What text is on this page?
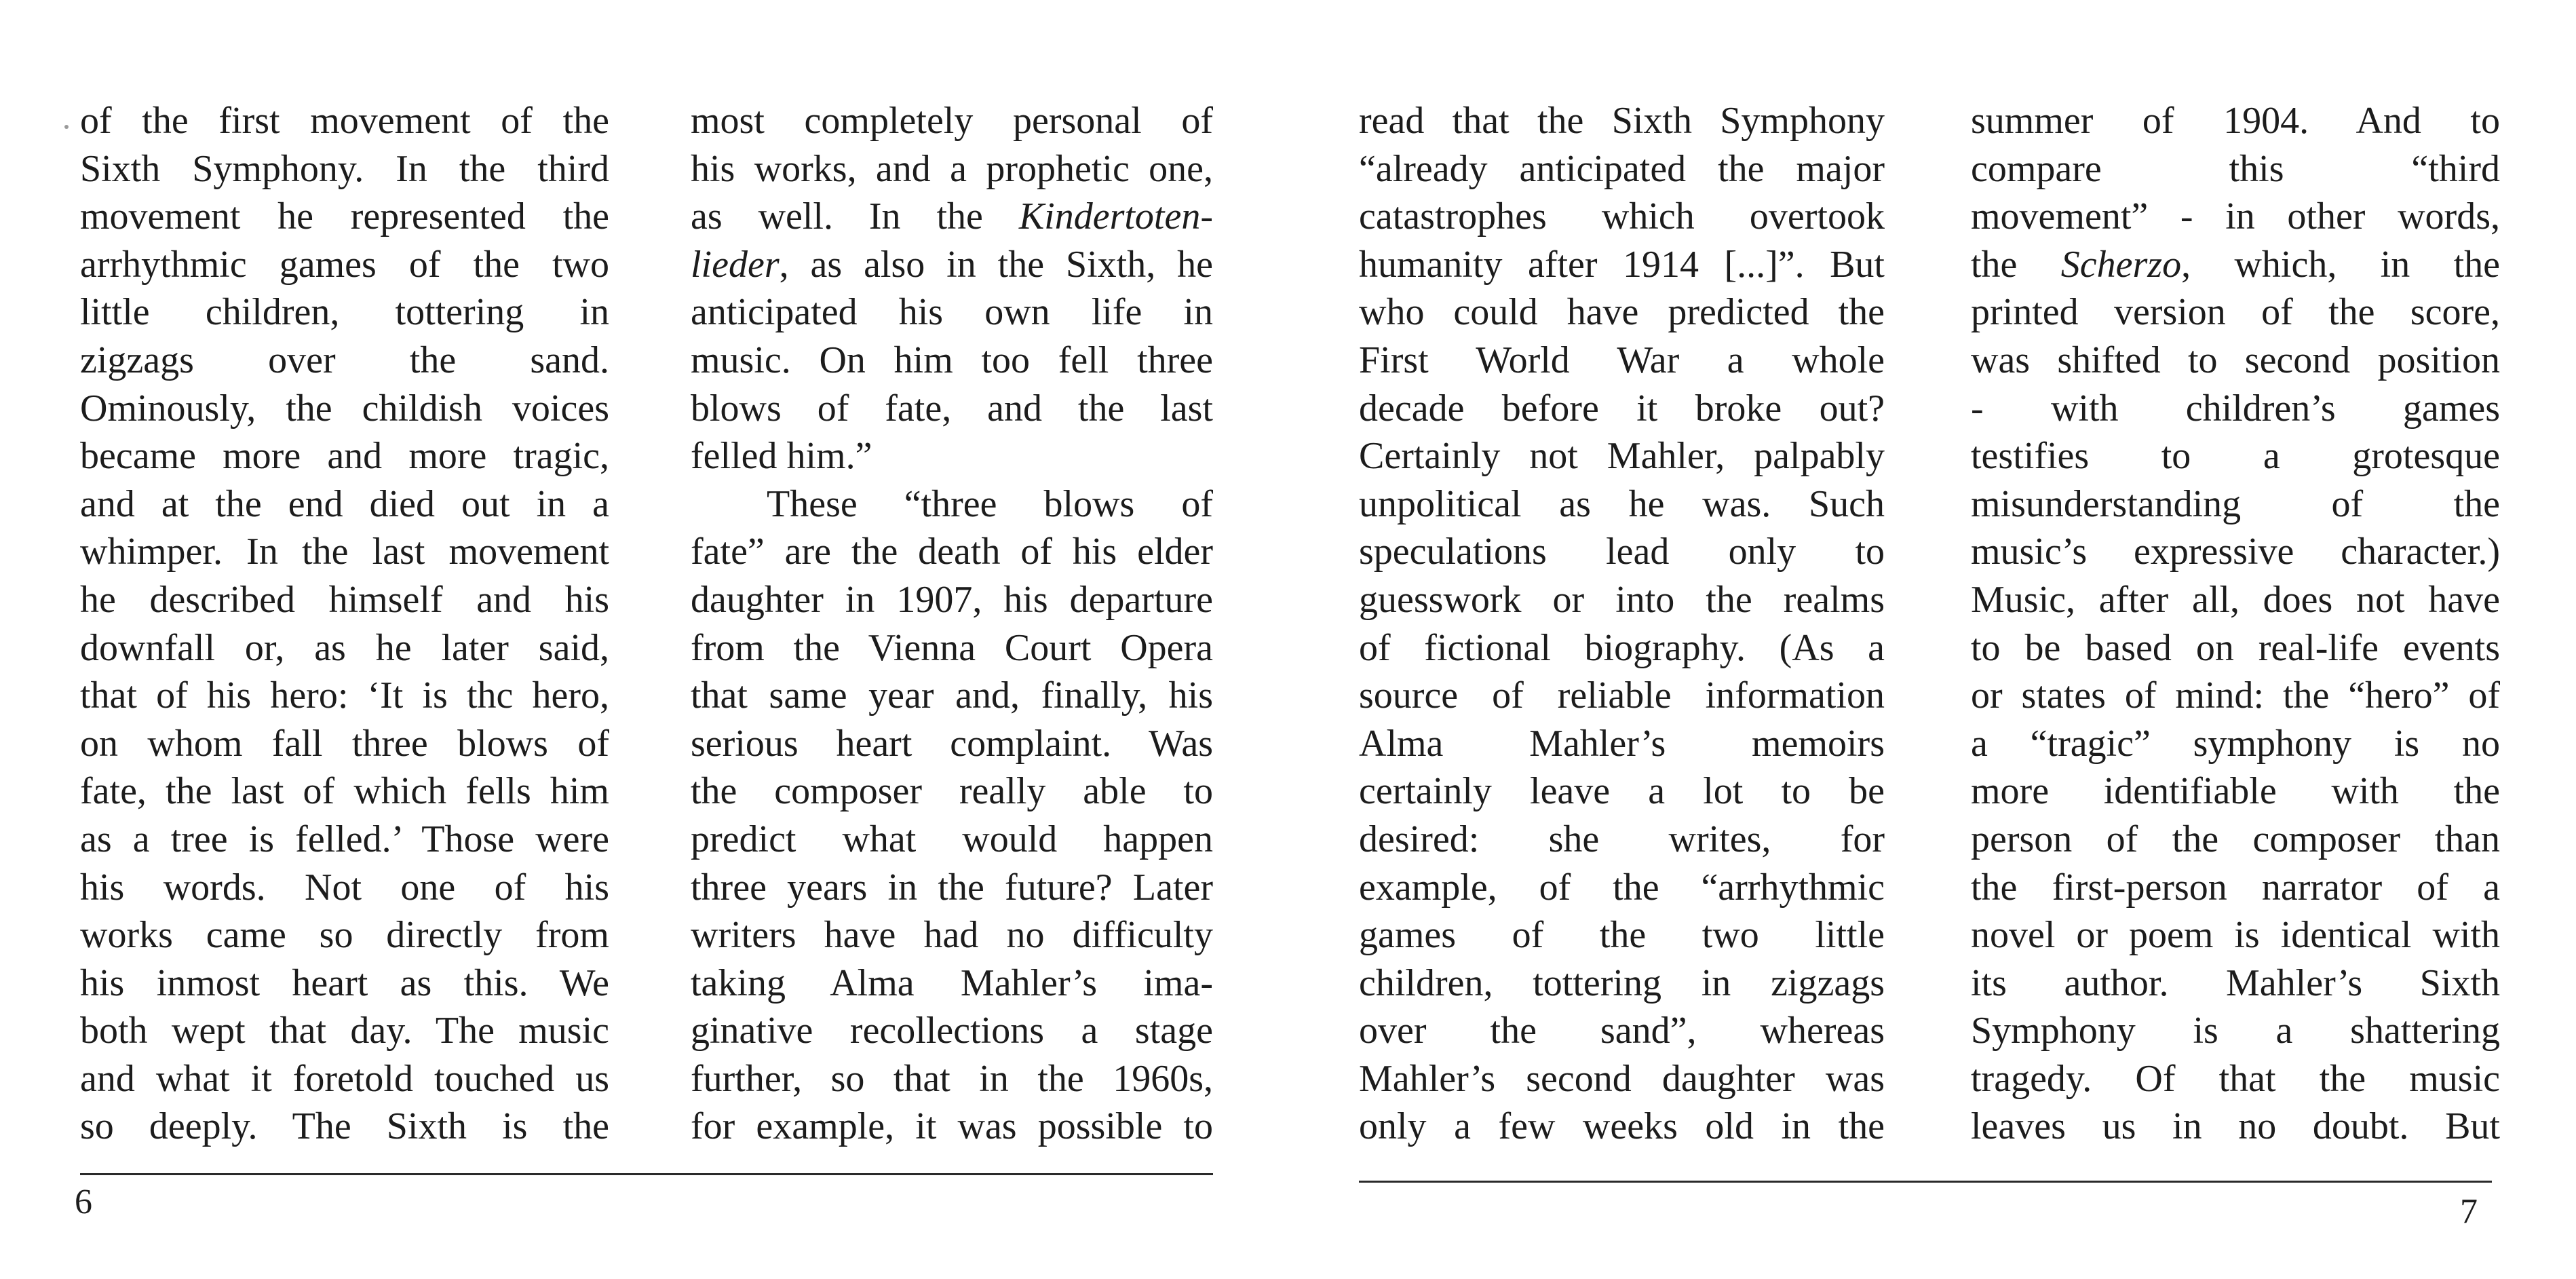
of the first movement of the
Sixth Symphony. In the third
movement he represented the
arrhythmic games of the two
little children, tottering in
zigzags over the sand.
Ominously, the childish voices
became more and more tragic,
and at the end died out in a
whimper. In the last movement
he described himself and his
downfall or, as he later said,
that of his hero: ‘It is thc hero,
on whom fall three blows of
fate, the last of which fells him
as a tree is felled.’ Those were
his words. Not one of his
works came so directly from
his inmost heart as this. We
both wept that day. The music
and what it foretold touched us
so deeply. The Sixth is the
most completely personal of
his works, and a prophetic one,
as well. In the Kindertoten-
lieder, as also in the Sixth, he
anticipated his own life in
music. On him too fell three
blows of fate, and the last
felled him.”
These “three blows of
fate” are the death of his elder
daughter in 1907, his departure
from the Vienna Court Opera
that same year and, finally, his
serious heart complaint. Was
the composer really able to
predict what would happen
three years in the future? Later
writers have had no difficulty
taking Alma Mahler’s ima-
ginative recollections a stage
further, so that in the 1960s,
for example, it was possible to
6
read that the Sixth Symphony
“already anticipated the major
catastrophes which overtook
humanity after 1914 [...]”. But
who could have predicted the
First World War a whole
decade before it broke out?
Certainly not Mahler, palpably
unpolitical as he was. Such
speculations lead only to
guesswork or into the realms
of fictional biography. (As a
source of reliable information
Alma Mahler’s memoirs
certainly leave a lot to be
desired: she writes, for
example, of the “arrhythmic
games of the two little
children, tottering in zigzags
over the sand”, whereas
Mahler’s second daughter was
only a few weeks old in the
summer of 1904. And to
compare this “third
movement” - in other words,
the Scherzo, which, in the
printed version of the score,
was shifted to second position
- with children’s games
testifies to a grotesque
misunderstanding of the
music’s expressive character.)
Music, after all, does not have
to be based on real-life events
or states of mind: the “hero” of
a “tragic” symphony is no
more identifiable with the
person of the composer than
the first-person narrator of a
novel or poem is identical with
its author. Mahler’s Sixth
Symphony is a shattering
tragedy. Of that the music
leaves us in no doubt. But
7
